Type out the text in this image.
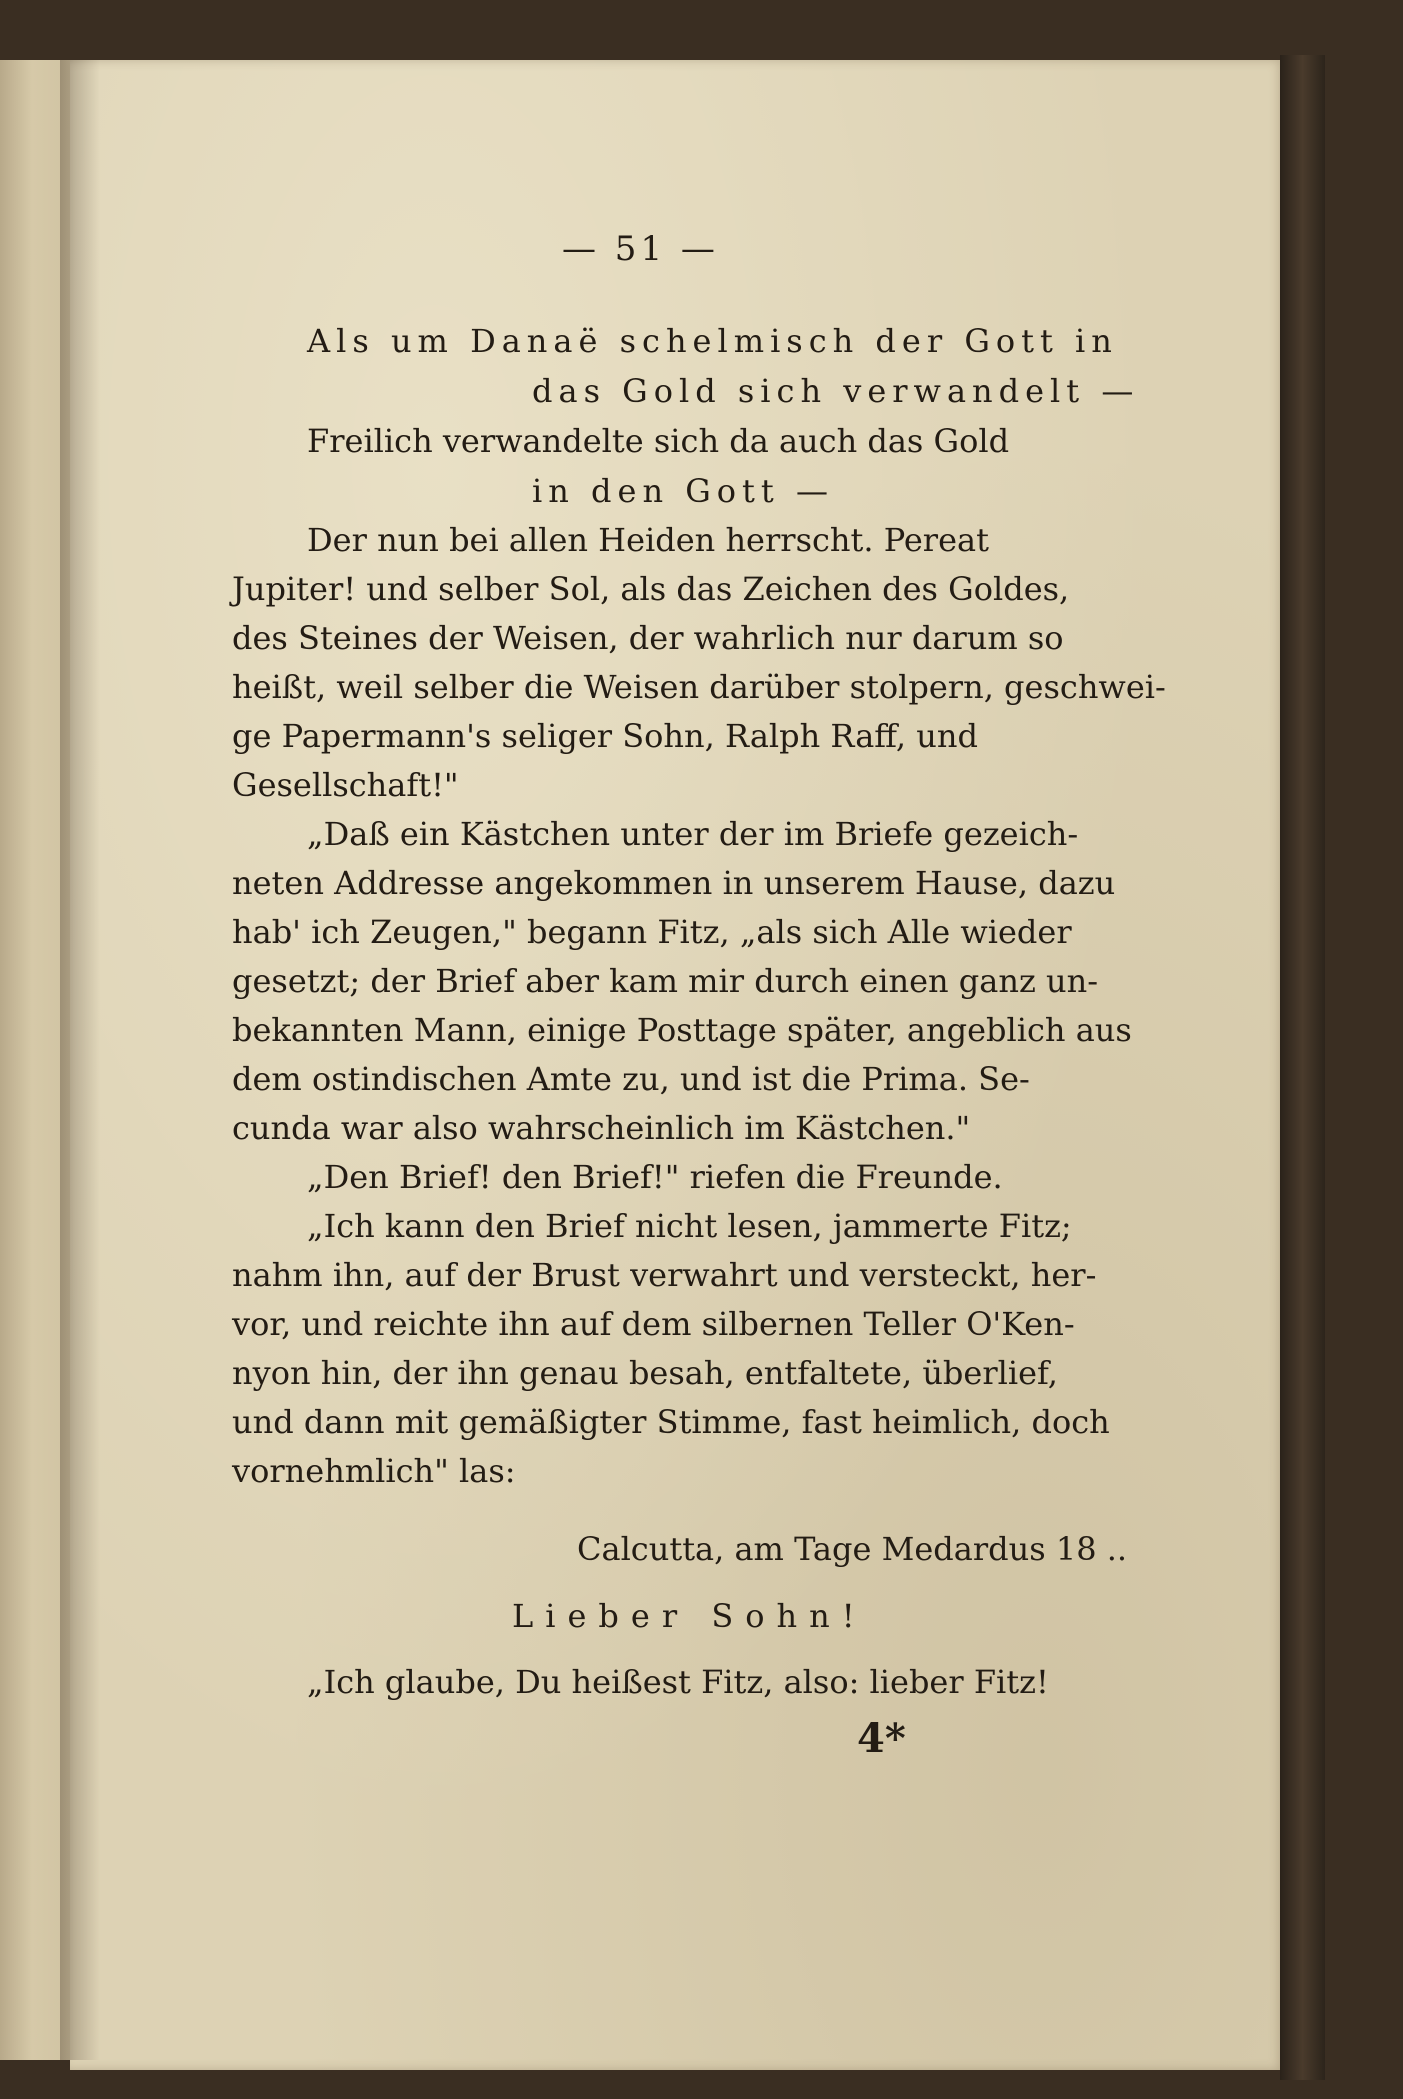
— 51 —
Als um Danaë schelmisch der Gott in
das Gold sich verwandelt —
Freilich verwandelte sich da auch das Gold
in den Gott —
Der nun bei allen Heiden herrscht. Pereat
Jupiter! und selber Sol, als das Zeichen des Goldes,
des Steines der Weisen, der wahrlich nur darum so
heißt, weil selber die Weisen darüber stolpern, geschwei-
ge Papermann's seliger Sohn, Ralph Raff, und
Gesellschaft!"
„Daß ein Kästchen unter der im Briefe gezeich-
neten Addresse angekommen in unserem Hause, dazu
hab' ich Zeugen," begann Fitz, „als sich Alle wieder
gesetzt; der Brief aber kam mir durch einen ganz un-
bekannten Mann, einige Posttage später, angeblich aus
dem ostindischen Amte zu, und ist die Prima. Se-
cunda war also wahrscheinlich im Kästchen."
„Den Brief! den Brief!" riefen die Freunde.
„Ich kann den Brief nicht lesen, jammerte Fitz;
nahm ihn, auf der Brust verwahrt und versteckt, her-
vor, und reichte ihn auf dem silbernen Teller O'Ken-
nyon hin, der ihn genau besah, entfaltete, überlief,
und dann mit gemäßigter Stimme, fast heimlich, doch
vornehmlich" las:
Calcutta, am Tage Medardus 18 ..
Lieber Sohn!
„Ich glaube, Du heißest Fitz, also: lieber Fitz!
4*
